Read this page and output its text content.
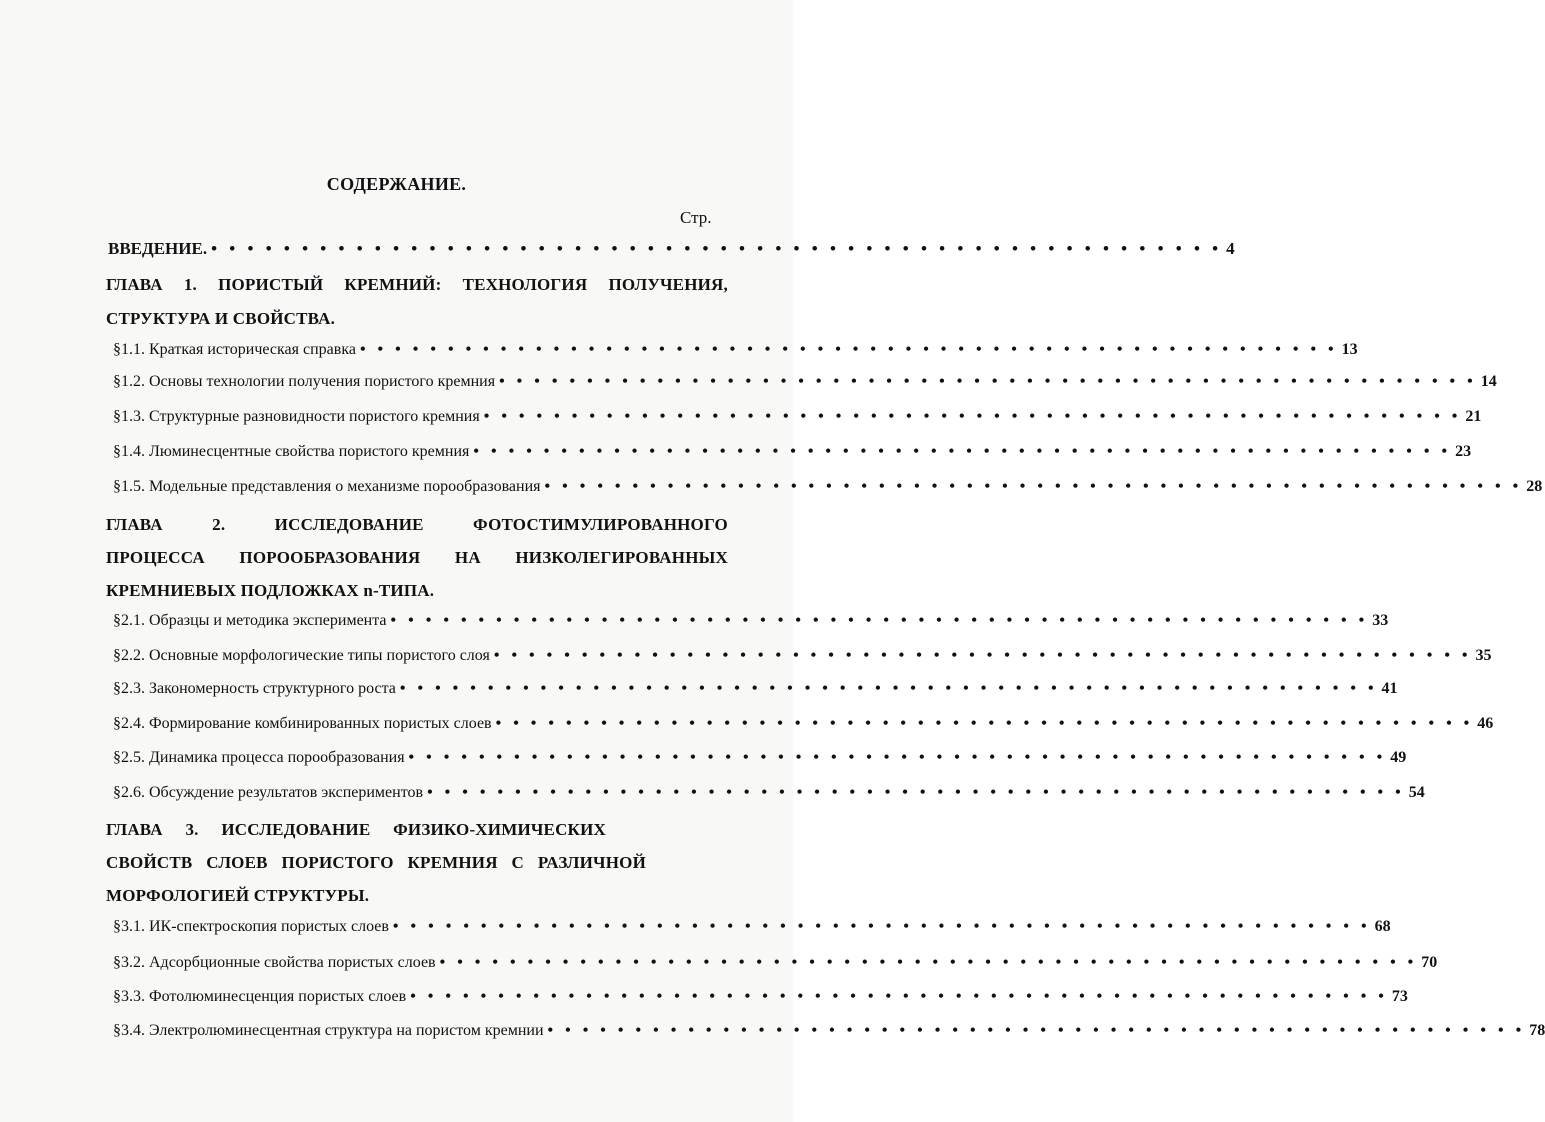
СОДЕРЖАНИЕ.
Стр.
ВВЕДЕНИЕ. • • • • • • • • • • • • • • • • • • • • • • • • • • • • • • • • • • • • • • • • • • • • • • • • • • • • • • • • 4
ГЛАВА 1. ПОРИСТЫЙ КРЕМНИЙ: ТЕХНОЛОГИЯ ПОЛУЧЕНИЯ,
СТРУКТУРА И СВОЙСТВА.
§1.1. Краткая историческая справка • • • • • • • • • • • • • • • • • • • • • • • • • • • • • • • • • • • • • • • • • • • • • • • • • • • • • • • • 13
§1.2. Основы технологии получения пористого кремния • • • • • • • • • • • • • • • • • • • • • • • • • • • • • • • • • • • • • • • • • • • • • • • • • • • • • • • • 14
§1.3. Структурные разновидности пористого кремния • • • • • • • • • • • • • • • • • • • • • • • • • • • • • • • • • • • • • • • • • • • • • • • • • • • • • • • • 21
§1.4. Люминесцентные свойства пористого кремния • • • • • • • • • • • • • • • • • • • • • • • • • • • • • • • • • • • • • • • • • • • • • • • • • • • • • • • • 23
§1.5. Модельные представления о механизме порообразования • • • • • • • • • • • • • • • • • • • • • • • • • • • • • • • • • • • • • • • • • • • • • • • • • • • • • • • • 28
ГЛАВА 2. ИССЛЕДОВАНИЕ ФОТОСТИМУЛИРОВАННОГО
ПРОЦЕССА ПОРООБРАЗОВАНИЯ НА НИЗКОЛЕГИРОВАННЫХ
КРЕМНИЕВЫХ ПОДЛОЖКАХ n-ТИПА.
§2.1. Образцы и методика эксперимента • • • • • • • • • • • • • • • • • • • • • • • • • • • • • • • • • • • • • • • • • • • • • • • • • • • • • • • • 33
§2.2. Основные морфологические типы пористого слоя • • • • • • • • • • • • • • • • • • • • • • • • • • • • • • • • • • • • • • • • • • • • • • • • • • • • • • • • 35
§2.3. Закономерность структурного роста • • • • • • • • • • • • • • • • • • • • • • • • • • • • • • • • • • • • • • • • • • • • • • • • • • • • • • • • 41
§2.4. Формирование комбинированных пористых слоев • • • • • • • • • • • • • • • • • • • • • • • • • • • • • • • • • • • • • • • • • • • • • • • • • • • • • • • • 46
§2.5. Динамика процесса порообразования • • • • • • • • • • • • • • • • • • • • • • • • • • • • • • • • • • • • • • • • • • • • • • • • • • • • • • • • 49
§2.6. Обсуждение результатов экспериментов • • • • • • • • • • • • • • • • • • • • • • • • • • • • • • • • • • • • • • • • • • • • • • • • • • • • • • • • 54
ГЛАВА 3. ИССЛЕДОВАНИЕ ФИЗИКО-ХИМИЧЕСКИХ
СВОЙСТВ СЛОЕВ ПОРИСТОГО КРЕМНИЯ С РАЗЛИЧНОЙ
МОРФОЛОГИЕЙ СТРУКТУРЫ.
§3.1. ИК-спектроскопия пористых слоев • • • • • • • • • • • • • • • • • • • • • • • • • • • • • • • • • • • • • • • • • • • • • • • • • • • • • • • • 68
§3.2. Адсорбционные свойства пористых слоев • • • • • • • • • • • • • • • • • • • • • • • • • • • • • • • • • • • • • • • • • • • • • • • • • • • • • • • • 70
§3.3. Фотолюминесценция пористых слоев • • • • • • • • • • • • • • • • • • • • • • • • • • • • • • • • • • • • • • • • • • • • • • • • • • • • • • • • 73
§3.4. Электролюминесцентная структура на пористом кремнии • • • • • • • • • • • • • • • • • • • • • • • • • • • • • • • • • • • • • • • • • • • • • • • • • • • • • • • • 78
